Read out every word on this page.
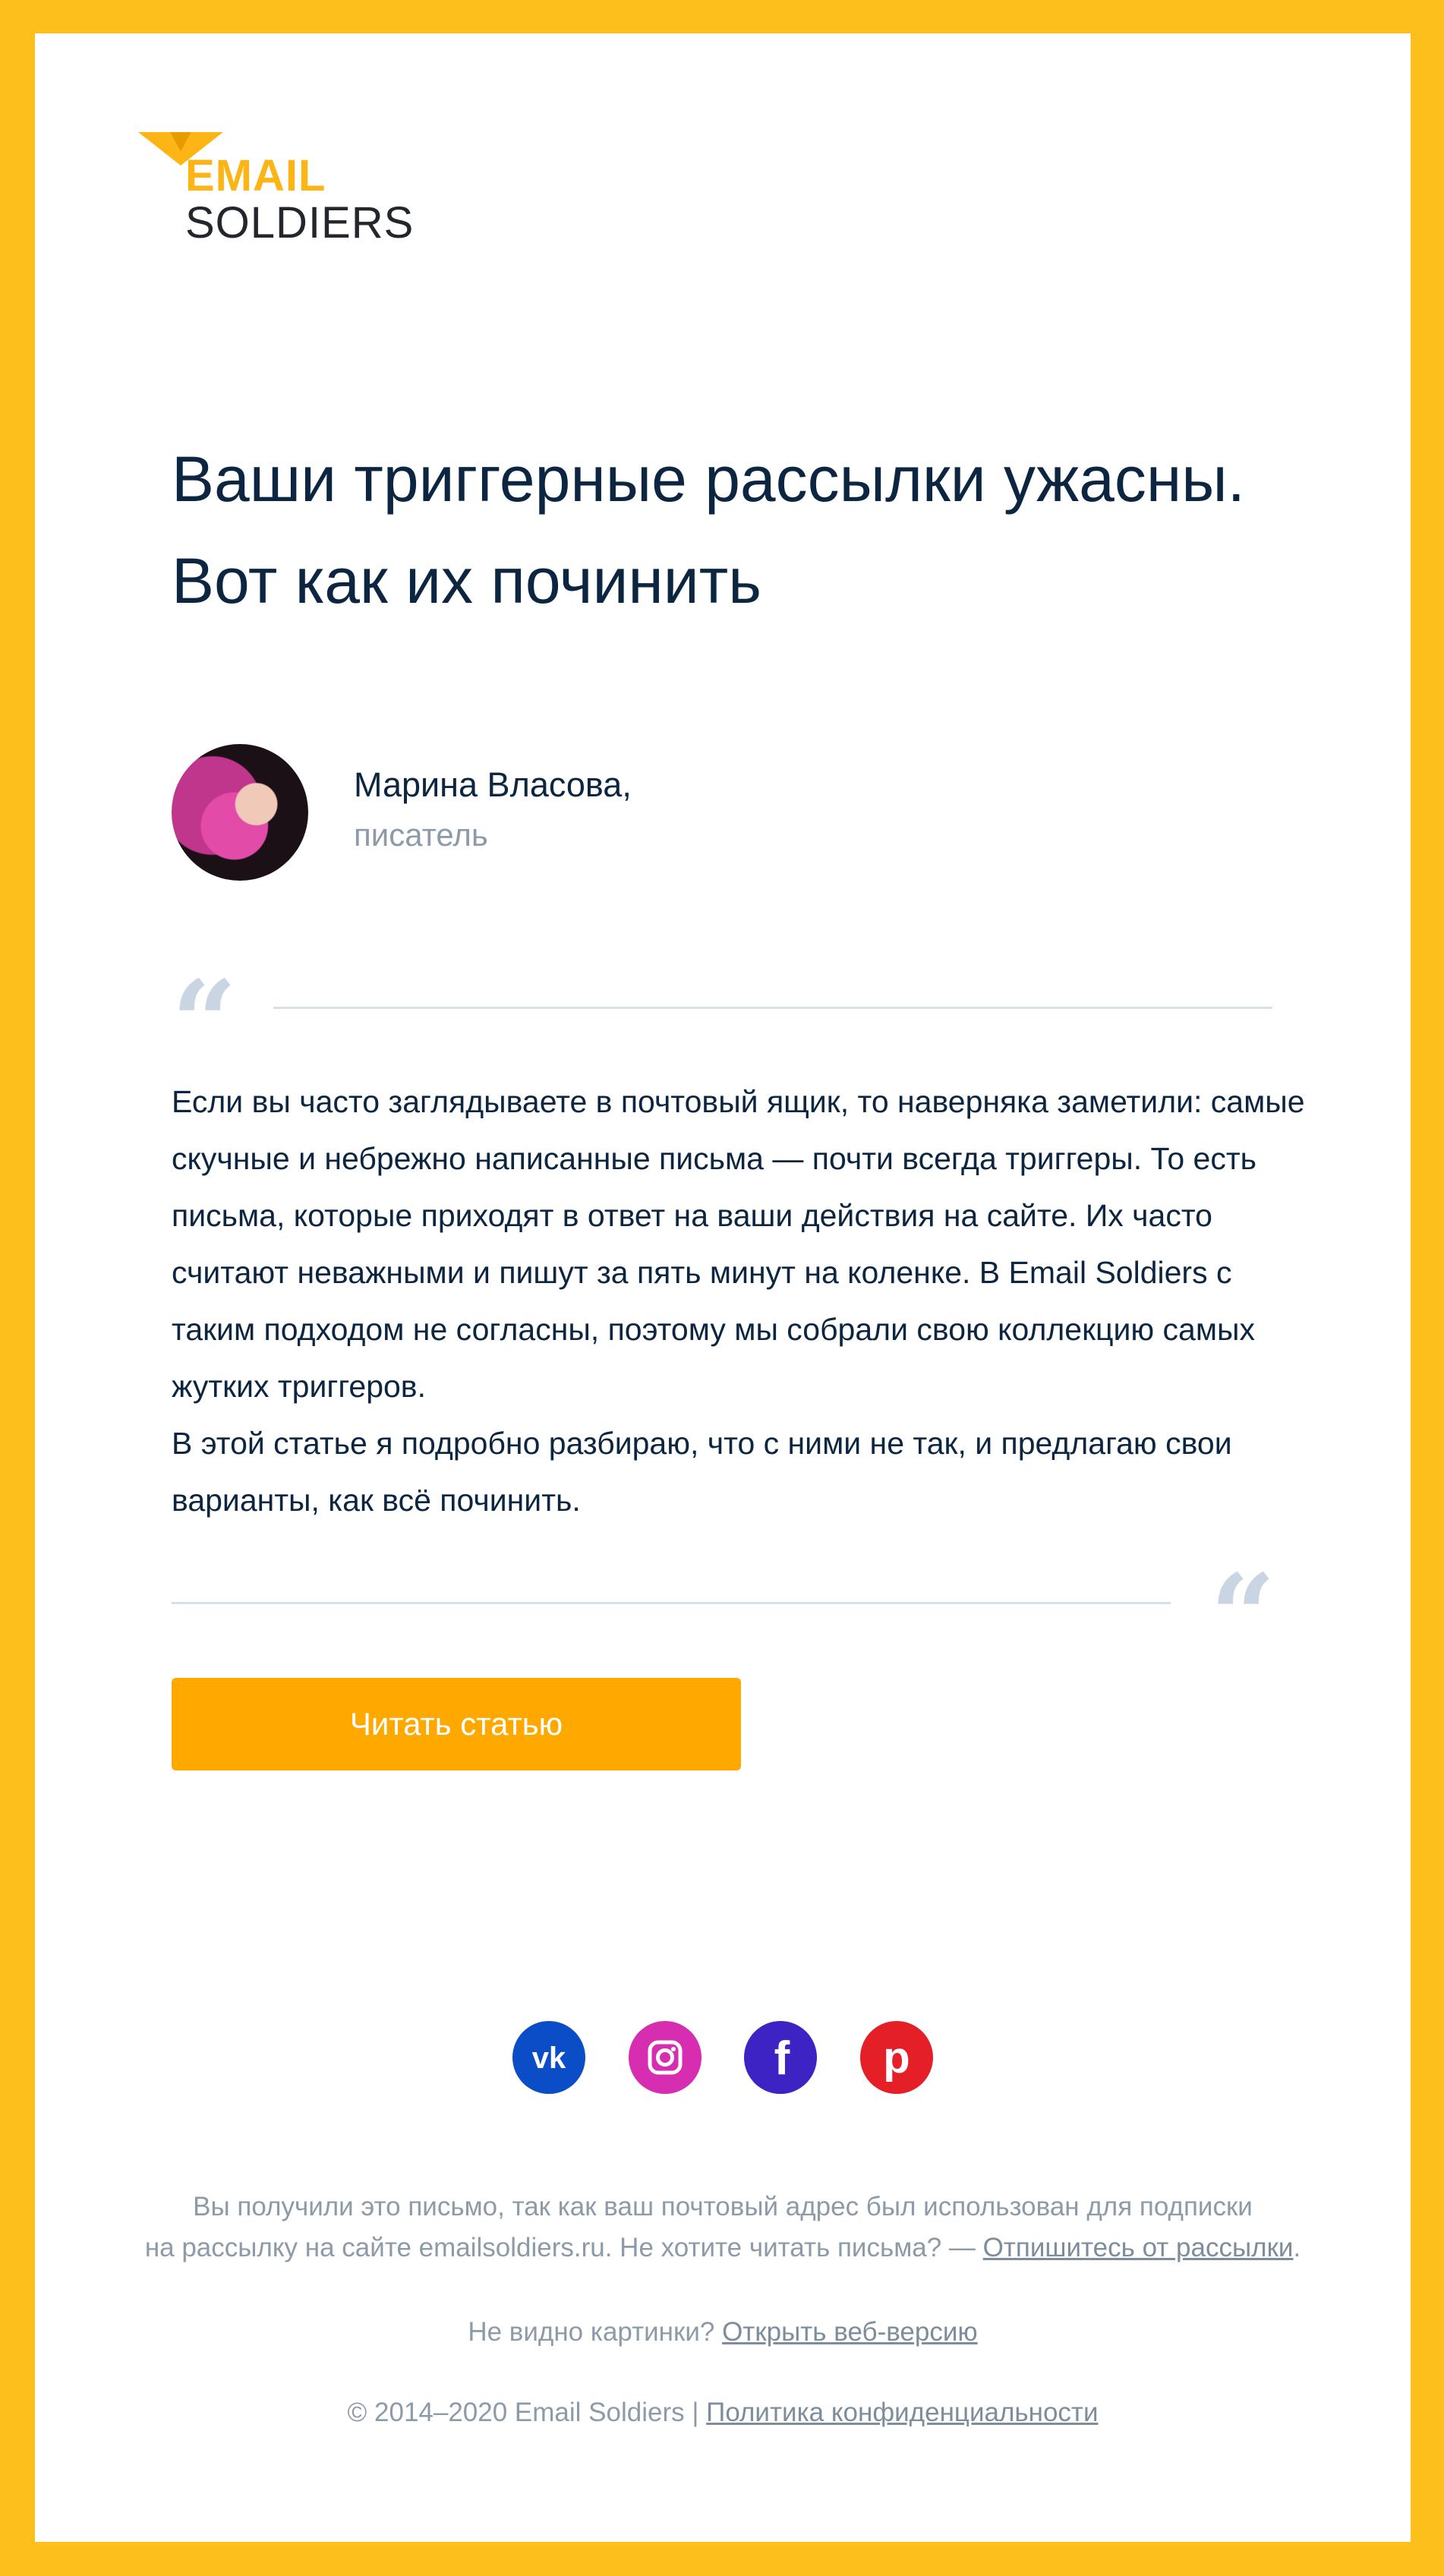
EMAIL
SOLDIERS
Ваши триггерные рассылки ужасны.
Вот как их починить
Марина Власова,
писатель
“

Если вы часто заглядываете в почтовый ящик, то наверняка заметили: самые скучные и небрежно написанные письма — почти всегда триггеры. То есть письма, которые приходят в ответ на ваши действия на сайте. Их часто считают неважными и пишут за пять минут на коленке. В Email Soldiers с таким подходом не согласны, поэтому мы собрали свою коллекцию самых жутких триггеров.

В этой статье я подробно разбираю, что с ними не так, и предлагаю свои варианты, как всё починить.

“
Читать статью
vk

	f
p
Вы получили это письмо, так как ваш почтовый адрес был использован для подписки
на рассылку на сайте emailsoldiers.ru. Не хотите читать письма? — Отпишитесь от рассылки.
Не видно картинки? Открыть веб-версию
© 2014–2020 Email Soldiers | Политика конфиденциальности
